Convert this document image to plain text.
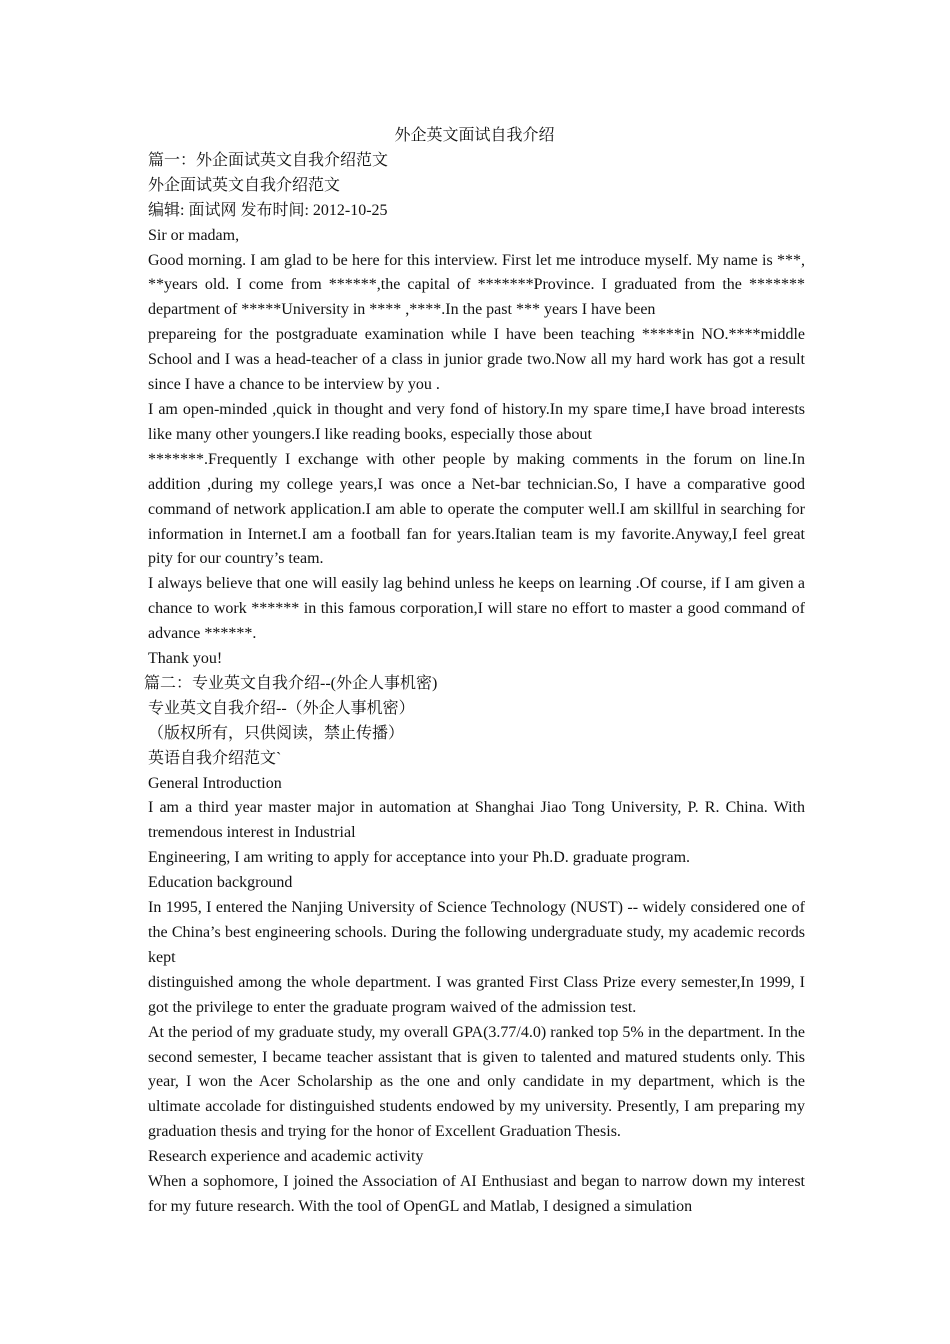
外企英文面试自我介绍

篇一：外企面试英文自我介绍范文

外企面试英文自我介绍范文

编辑: 面试网 发布时间: 2012-10-25

Sir or madam,

Good morning. I am glad to be here for this interview. First let me introduce myself. My name is ***, **years old. I come from ******,the capital of *******Province. I graduated from the ******* department of *****University in **** ,****.In the past *** years I have been

prepareing for the postgraduate examination while I have been teaching *****in NO.****middle School and I was a head-teacher of a class in junior grade two.Now all my hard work has got a result since I have a chance to be interview by you .

I am open-minded ,quick in thought and very fond of history.In my spare time,I have broad interests like many other youngers.I like reading books, especially those about

*******.Frequently I exchange with other people by making comments in the forum on line.In addition ,during my college years,I was once a Net-bar technician.So, I have a comparative good command of network application.I am able to operate the computer well.I am skillful in searching for information in Internet.I am a football fan for years.Italian team is my favorite.Anyway,I feel great pity for our country’s team.

I always believe that one will easily lag behind unless he keeps on learning .Of course, if I am given a chance to work ****** in this famous corporation,I will stare no effort to master a good command of advance ******.

Thank you!

篇二：专业英文自我介绍--(外企人事机密)

专业英文自我介绍--（外企人事机密）

（版权所有，只供阅读，禁止传播）

英语自我介绍范文`

General Introduction

I am a third year master major in automation at Shanghai Jiao Tong University, P. R. China. With tremendous interest in Industrial

Engineering, I am writing to apply for acceptance into your Ph.D. graduate program.

Education background

In 1995, I entered the Nanjing University of Science Technology (NUST) -- widely considered one of the China’s best engineering schools. During the following undergraduate study, my academic records kept

distinguished among the whole department. I was granted First Class Prize every semester,In 1999, I got the privilege to enter the graduate program waived of the admission test.

At the period of my graduate study, my overall GPA(3.77/4.0) ranked top 5% in the department. In the second semester, I became teacher assistant that is given to talented and matured students only. This year, I won the Acer Scholarship as the one and only candidate in my department, which is the ultimate accolade for distinguished students endowed by my university. Presently, I am preparing my graduation thesis and trying for the honor of Excellent Graduation Thesis.

Research experience and academic activity

When a sophomore, I joined the Association of AI Enthusiast and began to narrow down my interest for my future research. With the tool of OpenGL and Matlab, I designed a simulation
